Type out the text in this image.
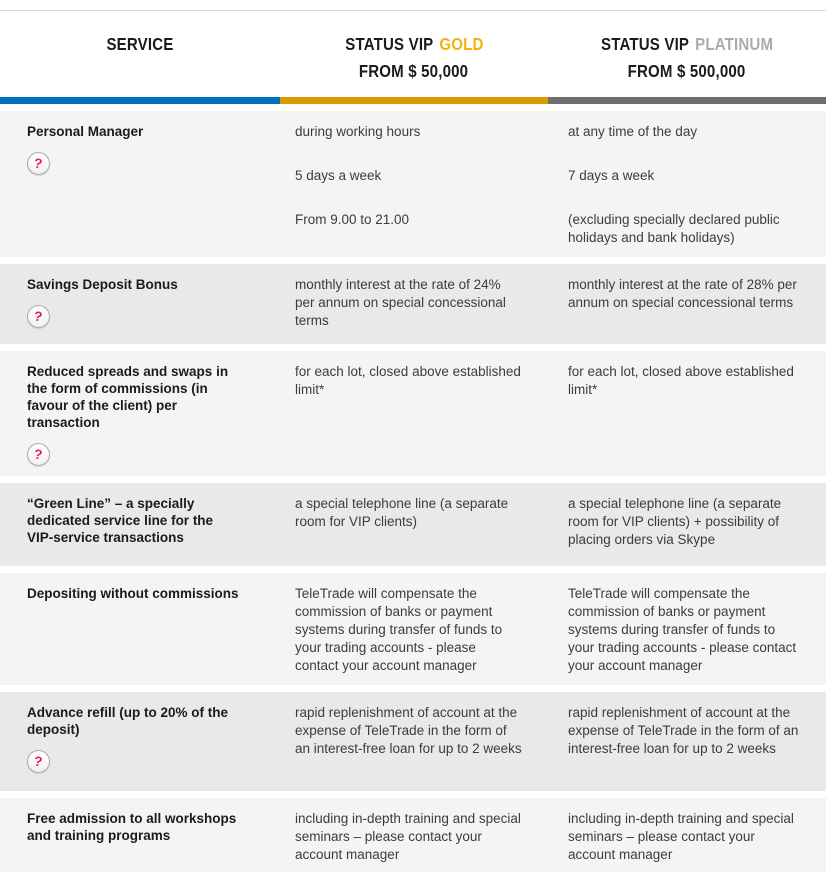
SERVICE	STATUS VIP GOLD
FROM $ 50,000
STATUS VIP PLATINUM
FROM $ 500,000
Personal Manager
?

during working hours

5 days a week

From 9.00 to 21.00

at any time of the day

7 days a week

(excluding specially declared public holidays and bank holidays)

Savings Deposit Bonus
?

monthly interest at the rate of 24% per annum on special concessional terms

monthly interest at the rate of 28% per annum on special concessional terms

Reduced spreads and swaps in the form of commissions (in favour of the client) per transaction
?

for each lot, closed above established limit*

for each lot, closed above established limit*

“Green Line” – a specially dedicated service line for the VIP-service transactions

a special telephone line (a separate room for VIP clients)

a special telephone line (a separate room for VIP clients) + possibility of placing orders via Skype

Depositing without commissions	TeleTrade will compensate the commission of banks or payment systems during transfer of funds to your trading accounts - please contact your account manager

TeleTrade will compensate the commission of banks or payment systems during transfer of funds to your trading accounts - please contact your account manager

Advance refill (up to 20% of the deposit)
?

rapid replenishment of account at the expense of TeleTrade in the form of an interest-free loan for up to 2 weeks

rapid replenishment of account at the expense of TeleTrade in the form of an interest-free loan for up to 2 weeks

Free admission to all workshops and training programs

including in-depth training and special seminars – please contact your account manager

including in-depth training and special seminars – please contact your account manager
